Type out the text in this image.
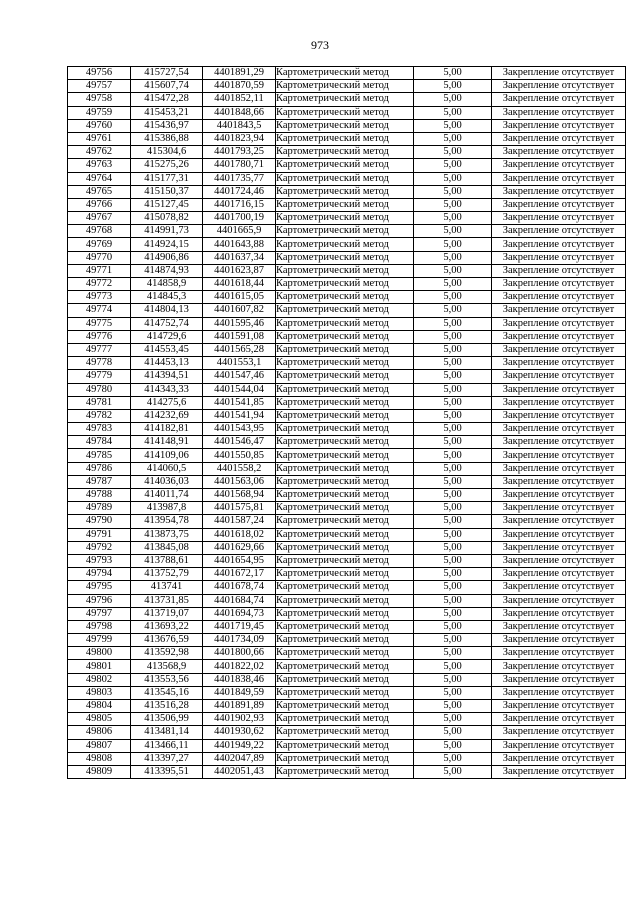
973
49756	415727,54	4401891,29	Картометрический метод	5,00	Закрепление отсутствует
49757	415607,74	4401870,59	Картометрический метод	5,00	Закрепление отсутствует
49758	415472,28	4401852,11	Картометрический метод	5,00	Закрепление отсутствует
49759	415453,21	4401848,66	Картометрический метод	5,00	Закрепление отсутствует
49760	415436,97	4401843,5	Картометрический метод	5,00	Закрепление отсутствует
49761	415386,88	4401823,94	Картометрический метод	5,00	Закрепление отсутствует
49762	415304,6	4401793,25	Картометрический метод	5,00	Закрепление отсутствует
49763	415275,26	4401780,71	Картометрический метод	5,00	Закрепление отсутствует
49764	415177,31	4401735,77	Картометрический метод	5,00	Закрепление отсутствует
49765	415150,37	4401724,46	Картометрический метод	5,00	Закрепление отсутствует
49766	415127,45	4401716,15	Картометрический метод	5,00	Закрепление отсутствует
49767	415078,82	4401700,19	Картометрический метод	5,00	Закрепление отсутствует
49768	414991,73	4401665,9	Картометрический метод	5,00	Закрепление отсутствует
49769	414924,15	4401643,88	Картометрический метод	5,00	Закрепление отсутствует
49770	414906,86	4401637,34	Картометрический метод	5,00	Закрепление отсутствует
49771	414874,93	4401623,87	Картометрический метод	5,00	Закрепление отсутствует
49772	414858,9	4401618,44	Картометрический метод	5,00	Закрепление отсутствует
49773	414845,3	4401615,05	Картометрический метод	5,00	Закрепление отсутствует
49774	414804,13	4401607,82	Картометрический метод	5,00	Закрепление отсутствует
49775	414752,74	4401595,46	Картометрический метод	5,00	Закрепление отсутствует
49776	414729,6	4401591,08	Картометрический метод	5,00	Закрепление отсутствует
49777	414553,45	4401565,28	Картометрический метод	5,00	Закрепление отсутствует
49778	414453,13	4401553,1	Картометрический метод	5,00	Закрепление отсутствует
49779	414394,51	4401547,46	Картометрический метод	5,00	Закрепление отсутствует
49780	414343,33	4401544,04	Картометрический метод	5,00	Закрепление отсутствует
49781	414275,6	4401541,85	Картометрический метод	5,00	Закрепление отсутствует
49782	414232,69	4401541,94	Картометрический метод	5,00	Закрепление отсутствует
49783	414182,81	4401543,95	Картометрический метод	5,00	Закрепление отсутствует
49784	414148,91	4401546,47	Картометрический метод	5,00	Закрепление отсутствует
49785	414109,06	4401550,85	Картометрический метод	5,00	Закрепление отсутствует
49786	414060,5	4401558,2	Картометрический метод	5,00	Закрепление отсутствует
49787	414036,03	4401563,06	Картометрический метод	5,00	Закрепление отсутствует
49788	414011,74	4401568,94	Картометрический метод	5,00	Закрепление отсутствует
49789	413987,8	4401575,81	Картометрический метод	5,00	Закрепление отсутствует
49790	413954,78	4401587,24	Картометрический метод	5,00	Закрепление отсутствует
49791	413873,75	4401618,02	Картометрический метод	5,00	Закрепление отсутствует
49792	413845,08	4401629,66	Картометрический метод	5,00	Закрепление отсутствует
49793	413788,61	4401654,95	Картометрический метод	5,00	Закрепление отсутствует
49794	413752,79	4401672,17	Картометрический метод	5,00	Закрепление отсутствует
49795	413741	4401678,74	Картометрический метод	5,00	Закрепление отсутствует
49796	413731,85	4401684,74	Картометрический метод	5,00	Закрепление отсутствует
49797	413719,07	4401694,73	Картометрический метод	5,00	Закрепление отсутствует
49798	413693,22	4401719,45	Картометрический метод	5,00	Закрепление отсутствует
49799	413676,59	4401734,09	Картометрический метод	5,00	Закрепление отсутствует
49800	413592,98	4401800,66	Картометрический метод	5,00	Закрепление отсутствует
49801	413568,9	4401822,02	Картометрический метод	5,00	Закрепление отсутствует
49802	413553,56	4401838,46	Картометрический метод	5,00	Закрепление отсутствует
49803	413545,16	4401849,59	Картометрический метод	5,00	Закрепление отсутствует
49804	413516,28	4401891,89	Картометрический метод	5,00	Закрепление отсутствует
49805	413506,99	4401902,93	Картометрический метод	5,00	Закрепление отсутствует
49806	413481,14	4401930,62	Картометрический метод	5,00	Закрепление отсутствует
49807	413466,11	4401949,22	Картометрический метод	5,00	Закрепление отсутствует
49808	413397,27	4402047,89	Картометрический метод	5,00	Закрепление отсутствует
49809	413395,51	4402051,43	Картометрический метод	5,00	Закрепление отсутствует
